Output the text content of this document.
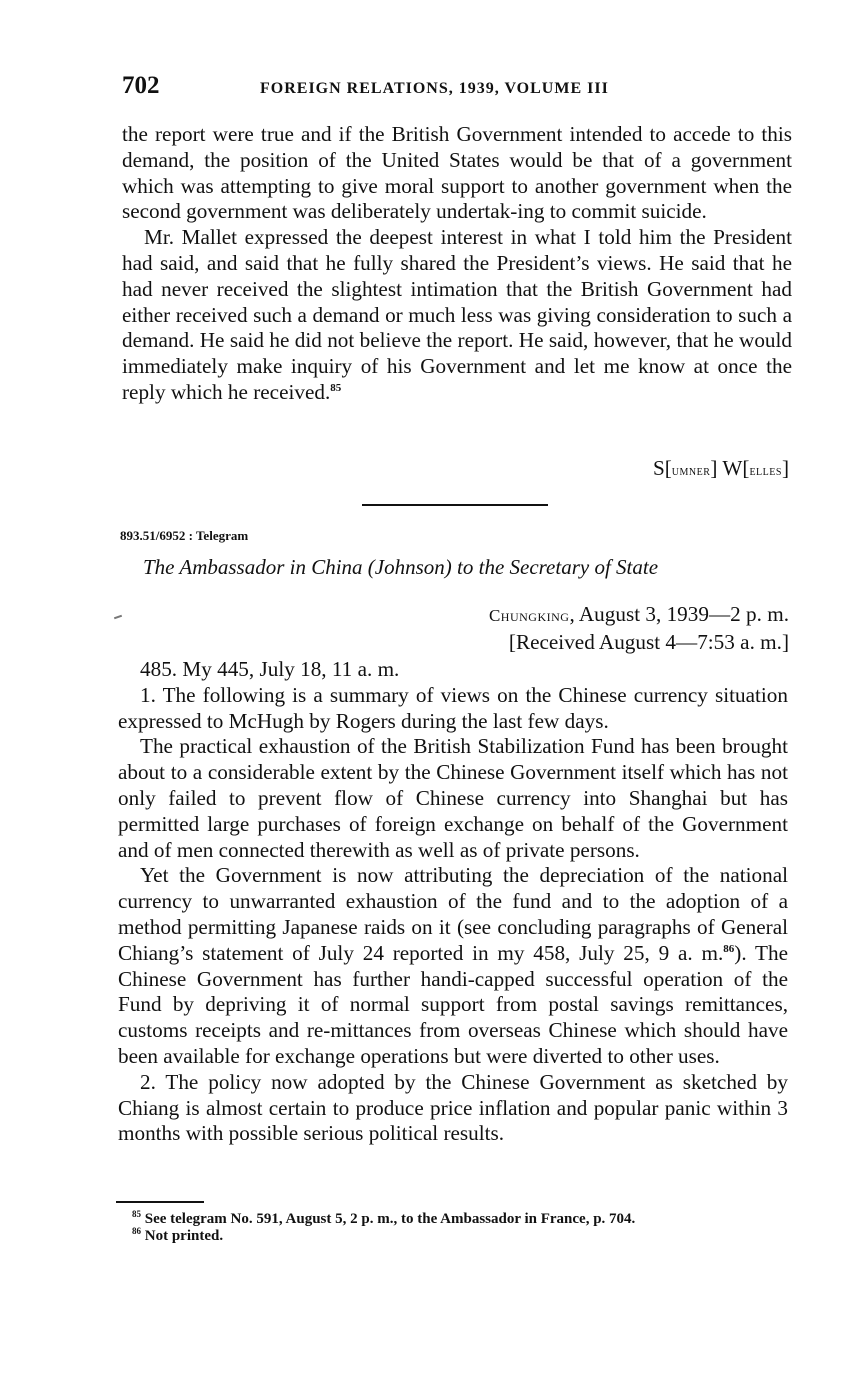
702	FOREIGN RELATIONS, 1939, VOLUME III

the report were true and if the British Government intended to accede to this demand, the position of the United States would be that of a government which was attempting to give moral support to another government when the second government was deliberately undertak-ing to commit suicide.

Mr. Mallet expressed the deepest interest in what I told him the President had said, and said that he fully shared the President’s views. He said that he had never received the slightest intimation that the British Government had either received such a demand or much less was giving consideration to such a demand. He said he did not believe the report. He said, however, that he would immediately make inquiry of his Government and let me know at once the reply which he received.$^{85}$

S[umner] W[elles]
893.51/6952 : Telegram
The Ambassador in China (Johnson) to the Secretary of State
Chungking, August 3, 1939—2 p. m.
[Received August 4—7:53 a. m.]

485. My 445, July 18, 11 a. m.

1. The following is a summary of views on the Chinese currency situation expressed to McHugh by Rogers during the last few days.

The practical exhaustion of the British Stabilization Fund has been brought about to a considerable extent by the Chinese Government itself which has not only failed to prevent flow of Chinese currency into Shanghai but has permitted large purchases of foreign exchange on behalf of the Government and of men connected therewith as well as of private persons.

Yet the Government is now attributing the depreciation of the national currency to unwarranted exhaustion of the fund and to the adoption of a method permitting Japanese raids on it (see concluding paragraphs of General Chiang’s statement of July 24 reported in my 458, July 25, 9 a. m.$^{86}$). The Chinese Government has further handi-capped successful operation of the Fund by depriving it of normal support from postal savings remittances, customs receipts and re-mittances from overseas Chinese which should have been available for exchange operations but were diverted to other uses.

2. The policy now adopted by the Chinese Government as sketched by Chiang is almost certain to produce price inflation and popular panic within 3 months with possible serious political results.

$^{85}$ See telegram No. 591, August 5, 2 p. m., to the Ambassador in France, p. 704.
$^{86}$ Not printed.
